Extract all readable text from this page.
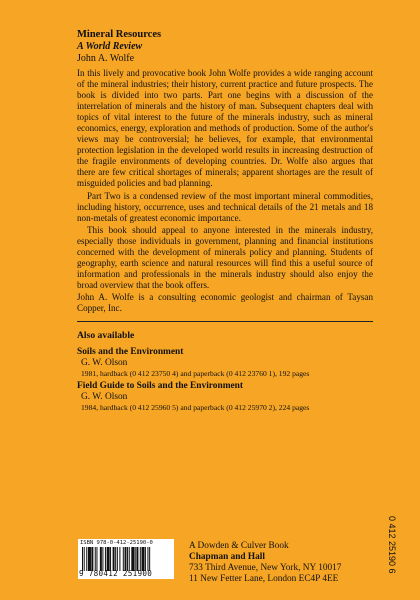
Mineral Resources

A World Review

John A. Wolfe

In this lively and provocative book John Wolfe provides a wide ranging account of the mineral industries; their history, current practice and future prospects. The book is divided into two parts. Part one begins with a discussion of the interrelation of minerals and the history of man. Subsequent chapters deal with topics of vital interest to the future of the minerals industry, such as mineral economics, energy, exploration and methods of production. Some of the author's views may be controversial; he believes, for example, that environmental protection legislation in the developed world results in increasing destruction of the fragile environments of developing countries. Dr. Wolfe also argues that there are few critical shortages of minerals; apparent shortages are the result of misguided policies and bad planning.

Part Two is a condensed review of the most important mineral commodities, including history, occurrence, uses and technical details of the 21 metals and 18 non-metals of greatest economic importance.

This book should appeal to anyone interested in the minerals industry, especially those individuals in government, planning and financial institutions concerned with the development of minerals policy and planning. Students of geography, earth science and natural resources will find this a useful source of information and professionals in the minerals industry should also enjoy the broad overview that the book offers.

John A. Wolfe is a consulting economic geologist and chairman of Taysan Copper, Inc.

Also available

Soils and the Environment

G. W. Olson

1981, hardback (0 412 23750 4) and paperback (0 412 23760 1), 192 pages

Field Guide to Soils and the Environment

G. W. Olson

1984, hardback (0 412 25960 5) and paperback (0 412 25970 2), 224 pages

ISBN 978-0-412-25190-0
9 780412 251900

A Dowden & Culver Book

Chapman and Hall

733 Third Avenue, New York, NY 10017

11 New Fetter Lane, London EC4P 4EE

0 412 25190 6
